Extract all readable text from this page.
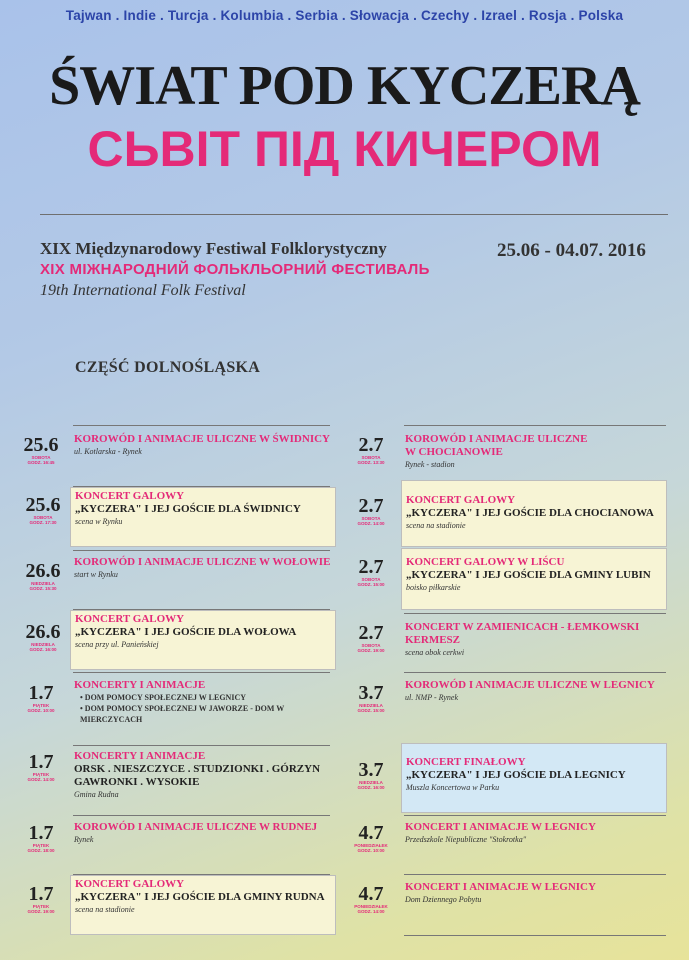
Tajwan . Indie . Turcja . Kolumbia . Serbia . Słowacja . Czechy . Izrael . Rosja . Polska
ŚWIAT POD KYCZERĄ
СЬВІТ ПІД КИЧЕРОМ
XIX Międzynarodowy Festiwal Folklorystyczny
XIX МІЖНАРОДНИЙ ФОЛЬКЛЬОРНИЙ ФЕСТИВАЛЬ
19th International Folk Festival
25.06 - 04.07. 2016
CZĘŚĆ DOLNOŚLĄSKA
25.6
SOBOTA
GODZ. 16:45
KOROWÓD I ANIMACJE ULICZNE W ŚWIDNICY
ul. Kotlarska - Rynek
25.6
SOBOTA
GODZ. 17:30
KONCERT GALOWY
„KYCZERA" I JEJ GOŚCIE DLA ŚWIDNICY
scena w Rynku
26.6
NIEDZIELA
GODZ. 15:30
KOROWÓD I ANIMACJE ULICZNE W WOŁOWIE
start w Rynku
26.6
NIEDZIELA
GODZ. 16:00
KONCERT GALOWY
„KYCZERA" I JEJ GOŚCIE DLA WOŁOWA
scena przy ul. Panieńskiej
1.7
PIĄTEK
GODZ. 10:00
KONCERTY I ANIMACJE
• DOM POMOCY SPOŁECZNEJ W LEGNICY
• DOM POMOCY SPOŁECZNEJ W JAWORZE - DOM W MIERCZYCACH
1.7
PIĄTEK
GODZ. 14:00
KONCERTY I ANIMACJE
ORSK . NIESZCZYCE . STUDZIONKI . GÓRZYN
GAWRONKI . WYSOKIE
Gmina Rudna
1.7
PIĄTEK
GODZ. 18:00
KOROWÓD I ANIMACJE ULICZNE W RUDNEJ
Rynek
1.7
PIĄTEK
GODZ. 19:00
KONCERT GALOWY
„KYCZERA" I JEJ GOŚCIE DLA GMINY RUDNA
scena na stadionie
2.7
SOBOTA
GODZ. 13:30
KOROWÓD I ANIMACJE ULICZNE
W CHOCIANOWIE
Rynek - stadion
2.7
SOBOTA
GODZ. 14:00
KONCERT GALOWY
„KYCZERA" I JEJ GOŚCIE DLA CHOCIANOWA
scena na stadionie
2.7
SOBOTA
GODZ. 15:00
KONCERT GALOWY W LIŚCU
„KYCZERA" I JEJ GOŚCIE DLA GMINY LUBIN
boisko piłkarskie
2.7
SOBOTA
GODZ. 19:00
KONCERT W ZAMIENICACH - ŁEMKOWSKI
KERMESZ
scena obok cerkwi
3.7
NIEDZIELA
GODZ. 15:00
KOROWÓD I ANIMACJE ULICZNE W LEGNICY
ul. NMP - Rynek
3.7
NIEDZIELA
GODZ. 16:00
KONCERT FINAŁOWY
„KYCZERA" I JEJ GOŚCIE DLA LEGNICY
Muszla Koncertowa w Parku
4.7
PONIEDZIAŁEK
GODZ. 10:00
KONCERT I ANIMACJE W LEGNICY
Przedszkole Niepubliczne "Stokrotka"
4.7
PONIEDZIAŁEK
GODZ. 14:00
KONCERT I ANIMACJE W LEGNICY
Dom Dziennego Pobytu
